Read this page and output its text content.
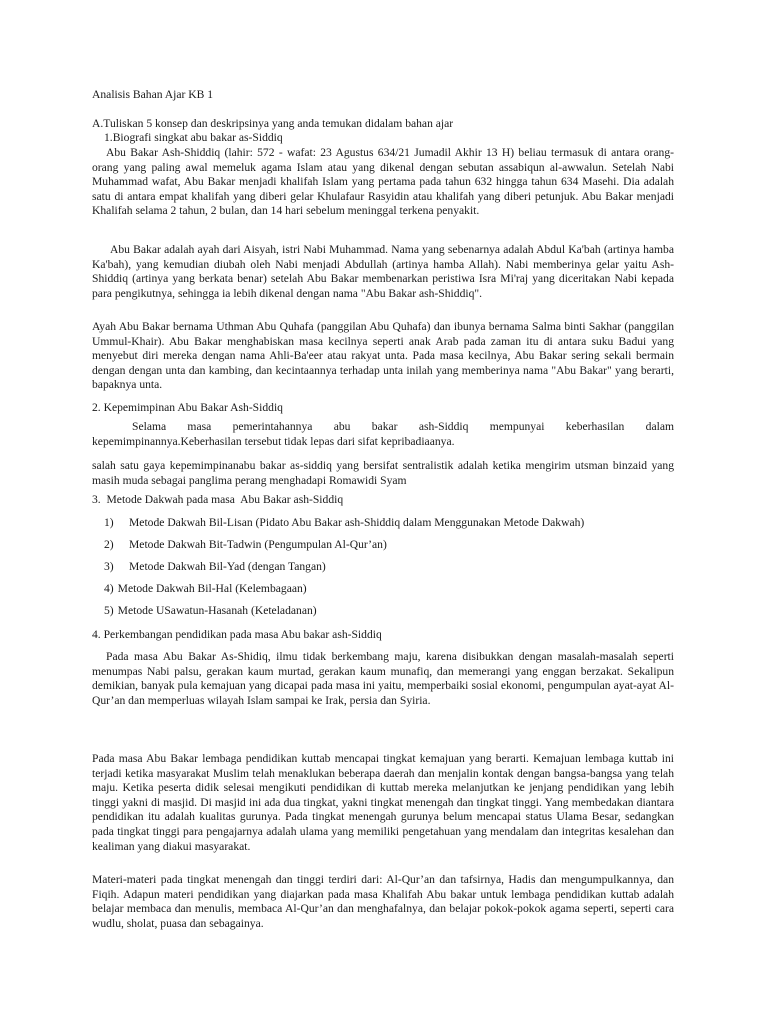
Analisis Bahan Ajar KB 1

A.Tuliskan 5 konsep dan deskripsinya yang anda temukan didalam bahan ajar

1.Biografi singkat abu bakar as-Siddiq

Abu Bakar Ash-Shiddiq (lahir: 572 - wafat: 23 Agustus 634/21 Jumadil Akhir 13 H) beliau termasuk di antara orang-orang yang paling awal memeluk agama Islam atau yang dikenal dengan sebutan assabiqun al-awwalun. Setelah Nabi Muhammad wafat, Abu Bakar menjadi khalifah Islam yang pertama pada tahun 632 hingga tahun 634 Masehi. Dia adalah satu di antara empat khalifah yang diberi gelar Khulafaur Rasyidin atau khalifah yang diberi petunjuk. Abu Bakar menjadi Khalifah selama 2 tahun, 2 bulan, dan 14 hari sebelum meninggal terkena penyakit.

Abu Bakar adalah ayah dari Aisyah, istri Nabi Muhammad. Nama yang sebenarnya adalah Abdul Ka'bah (artinya hamba Ka'bah), yang kemudian diubah oleh Nabi menjadi Abdullah (artinya hamba Allah). Nabi memberinya gelar yaitu Ash-Shiddiq (artinya yang berkata benar) setelah Abu Bakar membenarkan peristiwa Isra Mi'raj yang diceritakan Nabi kepada para pengikutnya, sehingga ia lebih dikenal dengan nama "Abu Bakar ash-Shiddiq".

Ayah Abu Bakar bernama Uthman Abu Quhafa (panggilan Abu Quhafa) dan ibunya bernama Salma binti Sakhar (panggilan Ummul-Khair). Abu Bakar menghabiskan masa kecilnya seperti anak Arab pada zaman itu di antara suku Badui yang menyebut diri mereka dengan nama Ahli-Ba'eer atau rakyat unta. Pada masa kecilnya, Abu Bakar sering sekali bermain dengan dengan unta dan kambing, dan kecintaannya terhadap unta inilah yang memberinya nama "Abu Bakar" yang berarti, bapaknya unta.

2. Kepemimpinan Abu Bakar Ash-Siddiq

Selama masa pemerintahannya abu bakar ash-Siddiq mempunyai keberhasilan dalam kepemimpinannya.Keberhasilan tersebut tidak lepas dari sifat kepribadiaanya.

salah satu gaya kepemimpinanabu bakar as-siddiq yang bersifat sentralistik adalah ketika mengirim utsman binzaid yang masih muda sebagai panglima perang menghadapi Romawidi Syam

3.  Metode Dakwah pada masa  Abu Bakar ash-Siddiq

1) Metode Dakwah Bil-Lisan (Pidato Abu Bakar ash-Shiddiq dalam Menggunakan Metode Dakwah)
2) Metode Dakwah Bit-Tadwin (Pengumpulan Al-Qur’an)
3) Metode Dakwah Bil-Yad (dengan Tangan)
4) Metode Dakwah Bil-Hal (Kelembagaan)
5) Metode USawatun-Hasanah (Keteladanan)

4. Perkembangan pendidikan pada masa Abu bakar ash-Siddiq

Pada masa Abu Bakar As-Shidiq, ilmu tidak berkembang maju, karena disibukkan dengan masalah-masalah seperti menumpas Nabi palsu, gerakan kaum murtad, gerakan kaum munafiq, dan memerangi yang enggan berzakat. Sekalipun demikian, banyak pula kemajuan yang dicapai pada masa ini yaitu, memperbaiki sosial ekonomi, pengumpulan ayat-ayat Al-Qur’an dan memperluas wilayah Islam sampai ke Irak, persia dan Syiria.

Pada masa Abu Bakar lembaga pendidikan kuttab mencapai tingkat kemajuan yang berarti. Kemajuan lembaga kuttab ini terjadi ketika masyarakat Muslim telah menaklukan beberapa daerah dan menjalin kontak dengan bangsa-bangsa yang telah maju. Ketika peserta didik selesai mengikuti pendidikan di kuttab mereka melanjutkan ke jenjang pendidikan yang lebih tinggi yakni di masjid. Di masjid ini ada dua tingkat, yakni tingkat menengah dan tingkat tinggi. Yang membedakan diantara pendidikan itu adalah kualitas gurunya. Pada tingkat menengah gurunya belum mencapai status Ulama Besar, sedangkan pada tingkat tinggi para pengajarnya adalah ulama yang memiliki pengetahuan yang mendalam dan integritas kesalehan dan kealiman yang diakui masyarakat.

Materi-materi pada tingkat menengah dan tinggi terdiri dari: Al-Qur’an dan tafsirnya, Hadis dan mengumpulkannya, dan Fiqih. Adapun materi pendidikan yang diajarkan pada masa Khalifah Abu bakar untuk lembaga pendidikan kuttab adalah belajar membaca dan menulis, membaca Al-Qur’an dan menghafalnya, dan belajar pokok-pokok agama seperti, seperti cara wudlu, sholat, puasa dan sebagainya.
